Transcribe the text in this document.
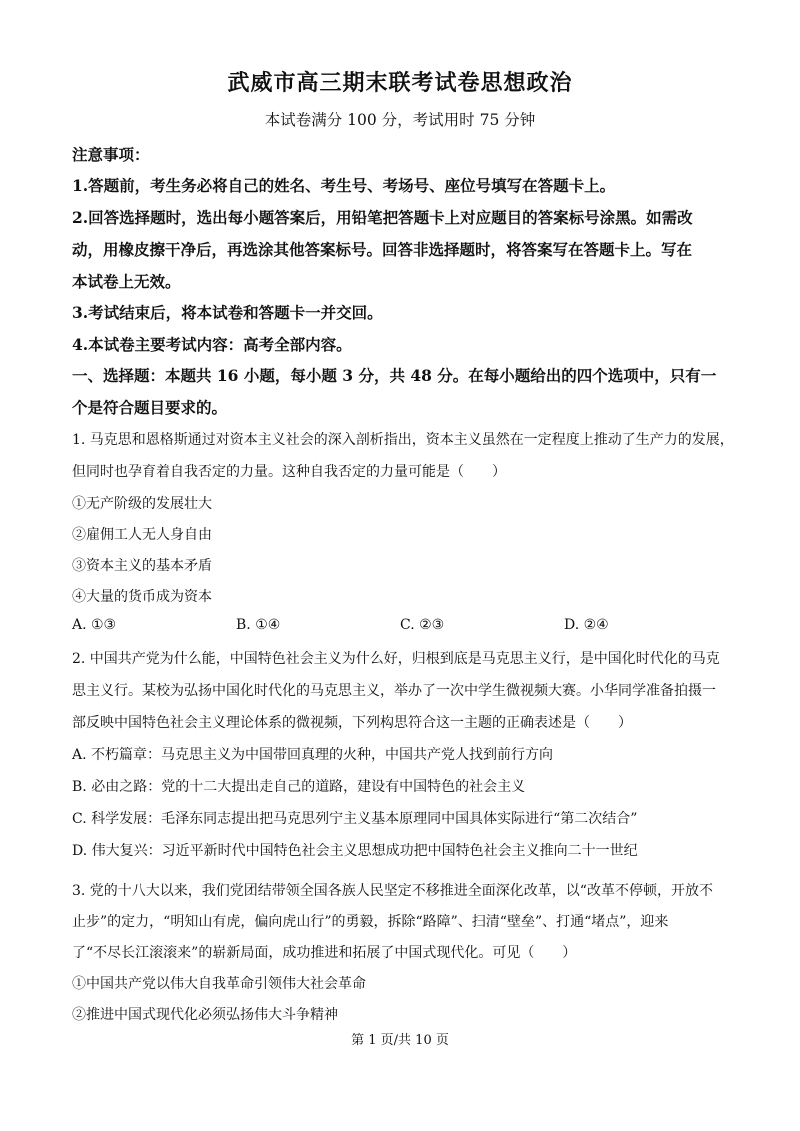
武威市高三期末联考试卷思想政治
本试卷满分 100 分，考试用时 75 分钟
注意事项：
1.答题前，考生务必将自己的姓名、考生号、考场号、座位号填写在答题卡上。
2.回答选择题时，选出每小题答案后，用铅笔把答题卡上对应题目的答案标号涂黑。如需改
动，用橡皮擦干净后，再选涂其他答案标号。回答非选择题时，将答案写在答题卡上。写在
本试卷上无效。
3.考试结束后，将本试卷和答题卡一并交回。
4.本试卷主要考试内容：高考全部内容。
一、选择题：本题共 16 小题，每小题 3 分，共 48 分。在每小题给出的四个选项中，只有一
个是符合题目要求的。
1. 马克思和恩格斯通过对资本主义社会的深入剖析指出，资本主义虽然在一定程度上推动了生产力的发展，
但同时也孕育着自我否定的力量。这种自我否定的力量可能是（　　）
①无产阶级的发展壮大
②雇佣工人无人身自由
③资本主义的基本矛盾
④大量的货币成为资本
A. ①③	B. ①④	C. ②③	D. ②④
2. 中国共产党为什么能，中国特色社会主义为什么好，归根到底是马克思主义行，是中国化时代化的马克
思主义行。某校为弘扬中国化时代化的马克思主义，举办了一次中学生微视频大赛。小华同学准备拍摄一
部反映中国特色社会主义理论体系的微视频，下列构思符合这一主题的正确表述是（　　）
A. 不朽篇章：马克思主义为中国带回真理的火种，中国共产党人找到前行方向
B. 必由之路：党的十二大提出走自己的道路，建设有中国特色的社会主义
C. 科学发展：毛泽东同志提出把马克思列宁主义基本原理同中国具体实际进行“第二次结合”
D. 伟大复兴：习近平新时代中国特色社会主义思想成功把中国特色社会主义推向二十一世纪
3. 党的十八大以来，我们党团结带领全国各族人民坚定不移推进全面深化改革，以“改革不停顿，开放不
止步”的定力，“明知山有虎，偏向虎山行”的勇毅，拆除“路障”、扫清“壁垒”、打通“堵点”，迎来
了“不尽长江滚滚来”的崭新局面，成功推进和拓展了中国式现代化。可见（　　）
①中国共产党以伟大自我革命引领伟大社会革命
②推进中国式现代化必须弘扬伟大斗争精神
第 1 页/共 10 页
